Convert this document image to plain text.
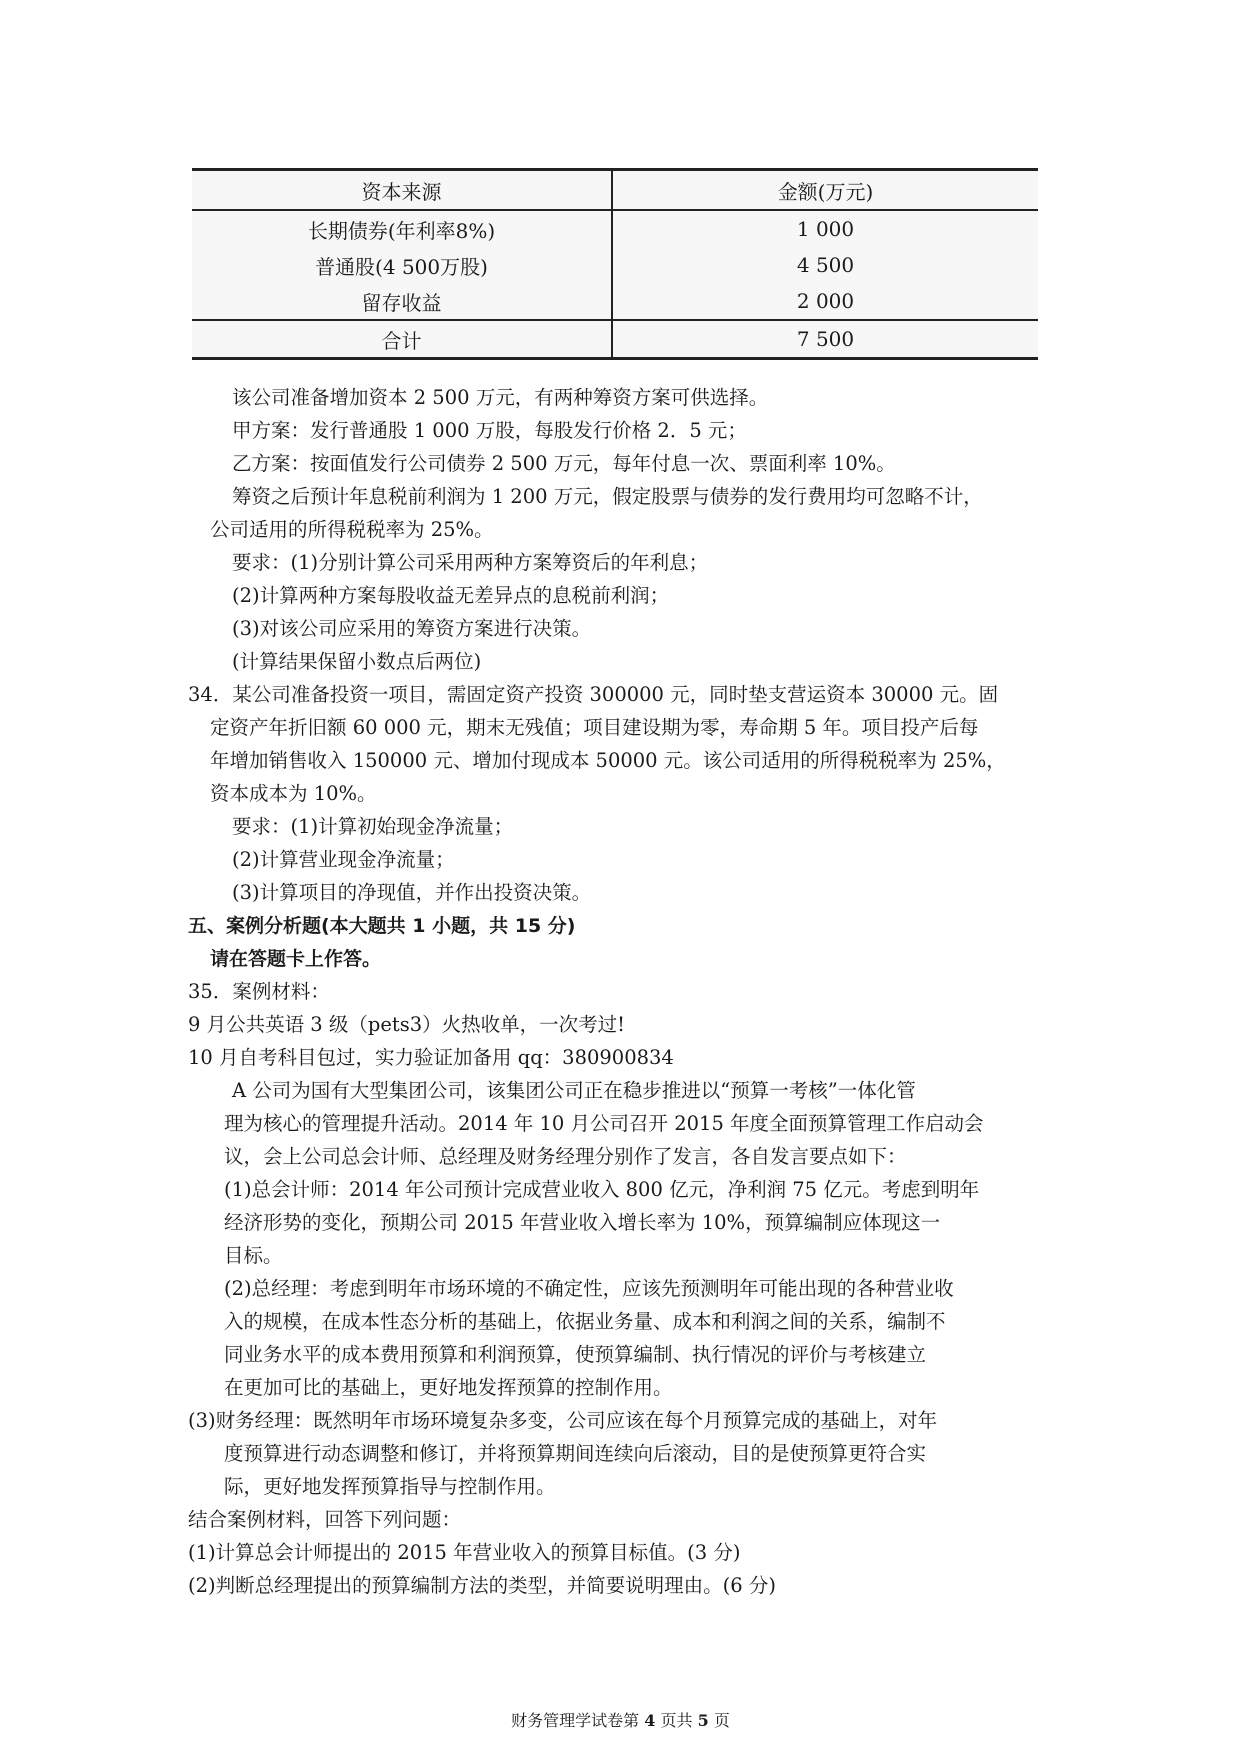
资本来源	金额(万元)
长期债券(年利率8%)	1 000
普通股(4 500万股)	4 500
留存收益	2 000
合计	7 500
该公司准备增加资本 2 500 万元，有两种筹资方案可供选择。
甲方案：发行普通股 1 000 万股，每股发行价格 2．5 元；
乙方案：按面值发行公司债券 2 500 万元，每年付息一次、票面利率 10%。
筹资之后预计年息税前利润为 1 200 万元，假定股票与债券的发行费用均可忽略不计，
公司适用的所得税税率为 25%。
要求：(1)分别计算公司采用两种方案筹资后的年利息；
(2)计算两种方案每股收益无差异点的息税前利润；
(3)对该公司应采用的筹资方案进行决策。
(计算结果保留小数点后两位)
34．某公司准备投资一项目，需固定资产投资 300000 元，同时垫支营运资本 30000 元。固
定资产年折旧额 60 000 元，期末无残值；项目建设期为零，寿命期 5 年。项目投产后每
年增加销售收入 150000 元、增加付现成本 50000 元。该公司适用的所得税税率为 25%，
资本成本为 10%。
要求：(1)计算初始现金净流量；
(2)计算营业现金净流量；
(3)计算项目的净现值，并作出投资决策。
五、案例分析题(本大题共 1 小题，共 15 分)
请在答题卡上作答。
35．案例材料：
9 月公共英语 3 级（pets3）火热收单，一次考过!
10 月自考科目包过，实力验证加备用 qq：380900834
A 公司为国有大型集团公司，该集团公司正在稳步推进以“预算一考核”一体化管
理为核心的管理提升活动。2014 年 10 月公司召开 2015 年度全面预算管理工作启动会
议，会上公司总会计师、总经理及财务经理分别作了发言，各自发言要点如下：
(1)总会计师：2014 年公司预计完成营业收入 800 亿元，净利润 75 亿元。考虑到明年
经济形势的变化，预期公司 2015 年营业收入增长率为 10%，预算编制应体现这一
目标。
(2)总经理：考虑到明年市场环境的不确定性，应该先预测明年可能出现的各种营业收
入的规模，在成本性态分析的基础上，依据业务量、成本和利润之间的关系，编制不
同业务水平的成本费用预算和利润预算，使预算编制、执行情况的评价与考核建立
在更加可比的基础上，更好地发挥预算的控制作用。
(3)财务经理：既然明年市场环境复杂多变，公司应该在每个月预算完成的基础上，对年
度预算进行动态调整和修订，并将预算期间连续向后滚动，目的是使预算更符合实
际，更好地发挥预算指导与控制作用。
结合案例材料，回答下列问题：
(1)计算总会计师提出的 2015 年营业收入的预算目标值。(3 分)
(2)判断总经理提出的预算编制方法的类型，并简要说明理由。(6 分)
财务管理学试卷第 4 页共 5 页
